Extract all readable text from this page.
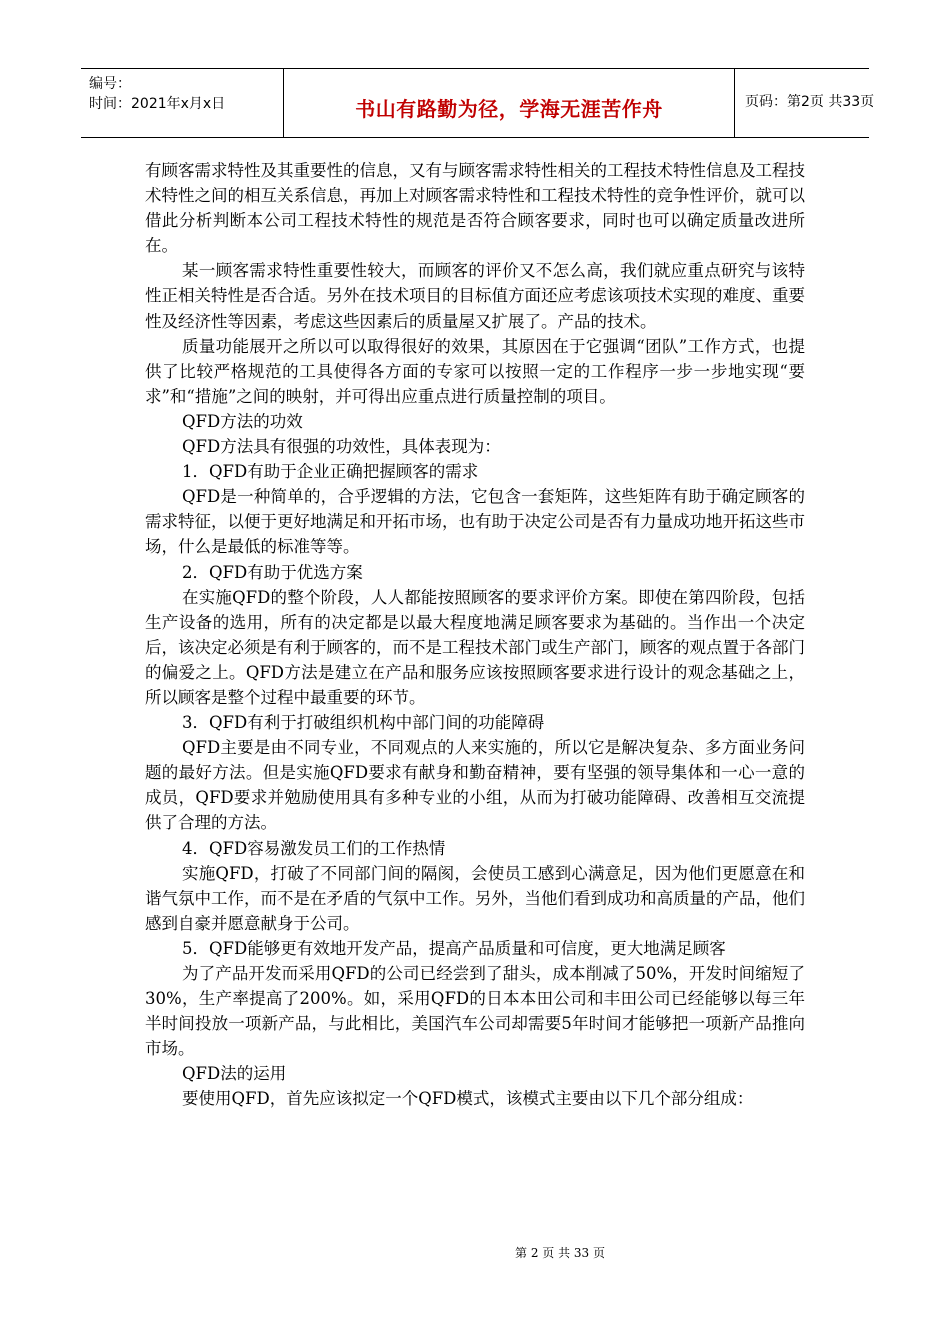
编号：
时间：2021年x月x日	书山有路勤为径，学海无涯苦作舟	页码：第2页 共33页

有顾客需求特性及其重要性的信息，又有与顾客需求特性相关的工程技术特性信息及工程技术特性之间的相互关系信息，再加上对顾客需求特性和工程技术特性的竞争性评价，就可以借此分析判断本公司工程技术特性的规范是否符合顾客要求，同时也可以确定质量改进所在。

某一顾客需求特性重要性较大，而顾客的评价又不怎么高，我们就应重点研究与该特性正相关特性是否合适。另外在技术项目的目标值方面还应考虑该项技术实现的难度、重要性及经济性等因素，考虑这些因素后的质量屋又扩展了。产品的技术。

质量功能展开之所以可以取得很好的效果，其原因在于它强调“团队”工作方式，也提供了比较严格规范的工具使得各方面的专家可以按照一定的工作程序一步一步地实现“要求”和“措施”之间的映射，并可得出应重点进行质量控制的项目。

QFD方法的功效

QFD方法具有很强的功效性，具体表现为：

1．QFD有助于企业正确把握顾客的需求

QFD是一种简单的，合乎逻辑的方法，它包含一套矩阵，这些矩阵有助于确定顾客的需求特征，以便于更好地满足和开拓市场，也有助于决定公司是否有力量成功地开拓这些市场，什么是最低的标准等等。

2．QFD有助于优选方案

在实施QFD的整个阶段，人人都能按照顾客的要求评价方案。即使在第四阶段，包括生产设备的选用，所有的决定都是以最大程度地满足顾客要求为基础的。当作出一个决定后，该决定必须是有利于顾客的，而不是工程技术部门或生产部门，顾客的观点置于各部门的偏爱之上。QFD方法是建立在产品和服务应该按照顾客要求进行设计的观念基础之上，所以顾客是整个过程中最重要的环节。

3．QFD有利于打破组织机构中部门间的功能障碍

QFD主要是由不同专业，不同观点的人来实施的，所以它是解决复杂、多方面业务问题的最好方法。但是实施QFD要求有献身和勤奋精神，要有坚强的领导集体和一心一意的成员，QFD要求并勉励使用具有多种专业的小组，从而为打破功能障碍、改善相互交流提供了合理的方法。

4．QFD容易激发员工们的工作热情

实施QFD，打破了不同部门间的隔阂，会使员工感到心满意足，因为他们更愿意在和谐气氛中工作，而不是在矛盾的气氛中工作。另外，当他们看到成功和高质量的产品，他们感到自豪并愿意献身于公司。

5．QFD能够更有效地开发产品，提高产品质量和可信度，更大地满足顾客

为了产品开发而采用QFD的公司已经尝到了甜头，成本削减了50%，开发时间缩短了30%，生产率提高了200%。如，采用QFD的日本本田公司和丰田公司已经能够以每三年半时间投放一项新产品，与此相比，美国汽车公司却需要5年时间才能够把一项新产品推向市场。

QFD法的运用

要使用QFD，首先应该拟定一个QFD模式，该模式主要由以下几个部分组成：

第 2 页 共 33 页
